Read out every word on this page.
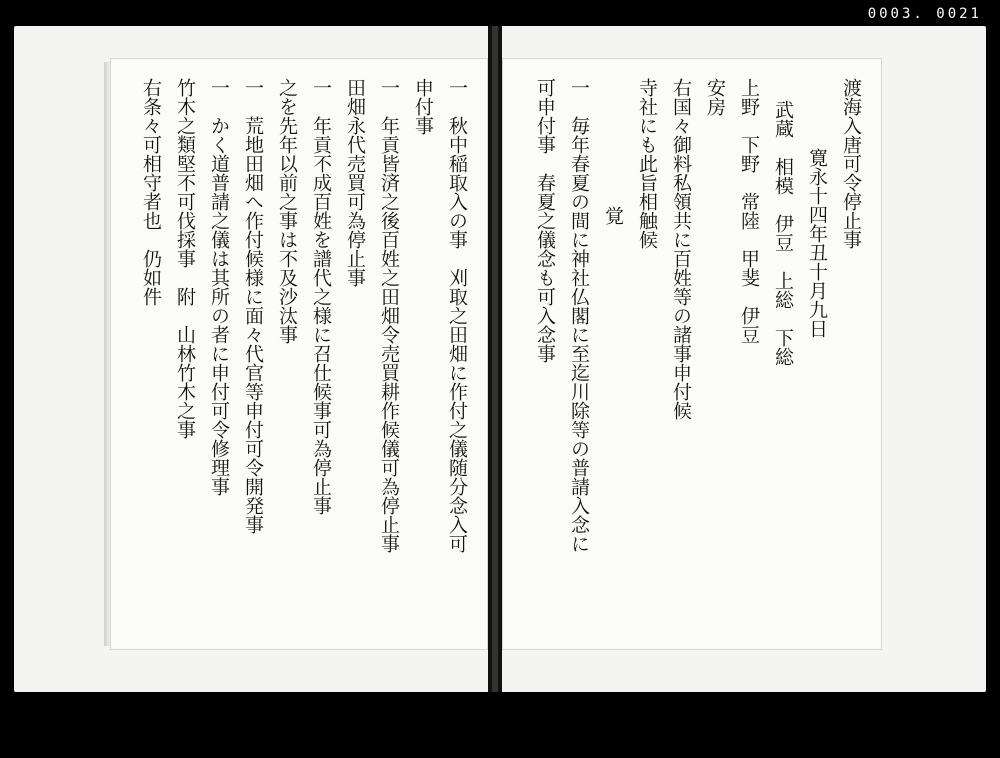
0003. 0021
一　秋中稲取入の事　刈取之田畑に作付之儀随分念入可
申付事
一　年貢皆済之後百姓之田畑令売買耕作候儀可為停止事
田畑永代売買可為停止事
一　年貢不成百姓を譜代之様に召仕候事可為停止事
之を先年以前之事は不及沙汰事
一　荒地田畑へ作付候様に面々代官等申付可令開発事
一　かく道普請之儀は其所の者に申付可令修理事
竹木之類堅不可伐採事　附　山林竹木之事
右条々可相守者也　仍如件	渡海入唐可令停止事
寛永十四年丑十月九日
武蔵　相模　伊豆　上総　下総
上野　下野　常陸　甲斐　伊豆
安房
右国々御料私領共に百姓等の諸事申付候
寺社にも此旨相触候
覚
一　毎年春夏の間に神社仏閣に至迄川除等の普請入念に
可申付事　春夏之儀念も可入念事
